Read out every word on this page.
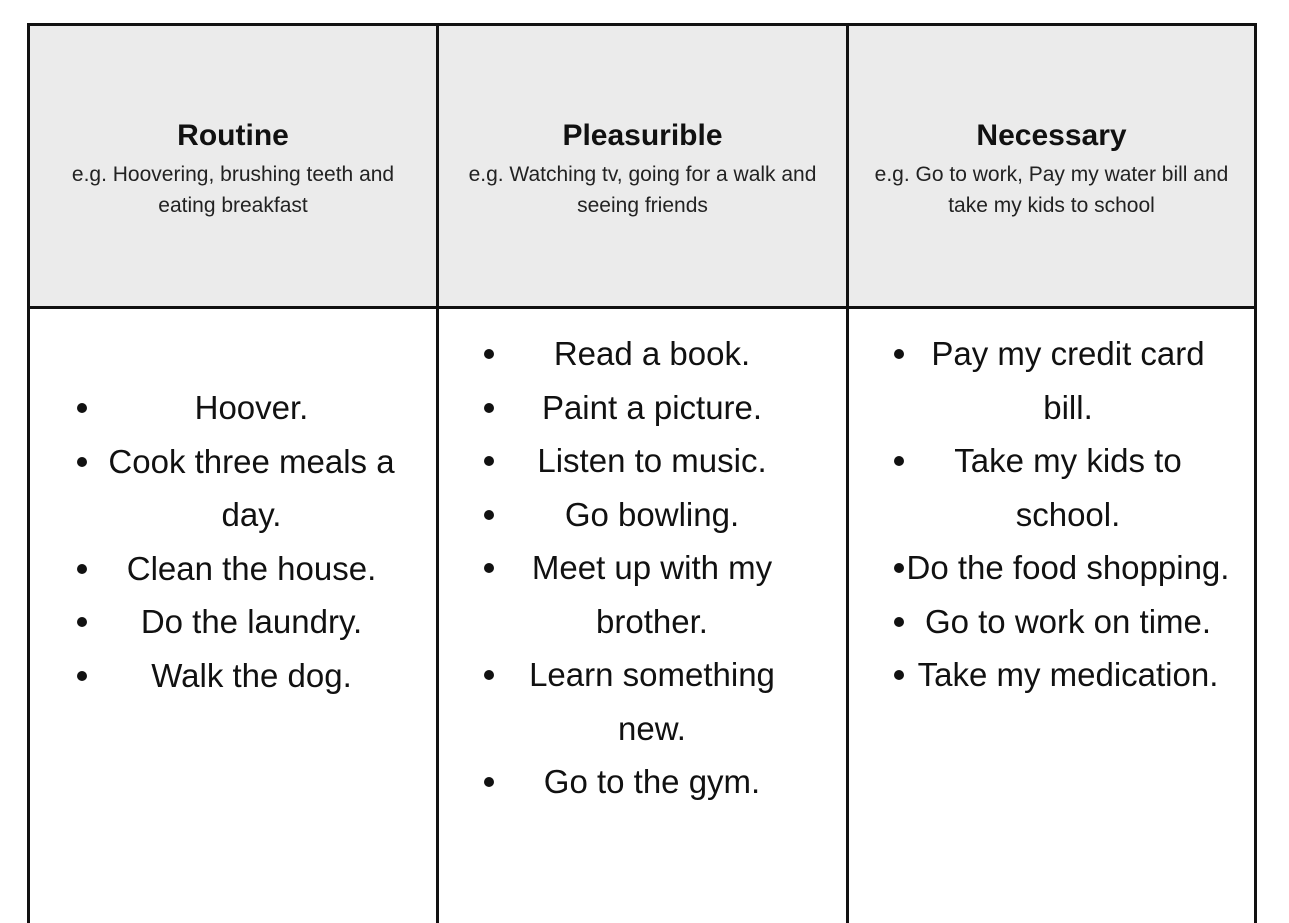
Routine
e.g. Hoovering, brushing teeth and eating breakfast
Pleasurible
e.g. Watching tv, going for a walk and seeing friends
Necessary
e.g. Go to work, Pay my water bill and take my kids to school
Hoover.
Cook three meals a day.
Clean the house.
Do the laundry.
Walk the dog.
Read a book.
Paint a picture.
Listen to music.
Go bowling.
Meet up with my brother.
Learn something new.
Go to the gym.
Pay my credit card bill.
Take my kids to school.
Do the food shopping.
Go to work on time.
Take my medication.
